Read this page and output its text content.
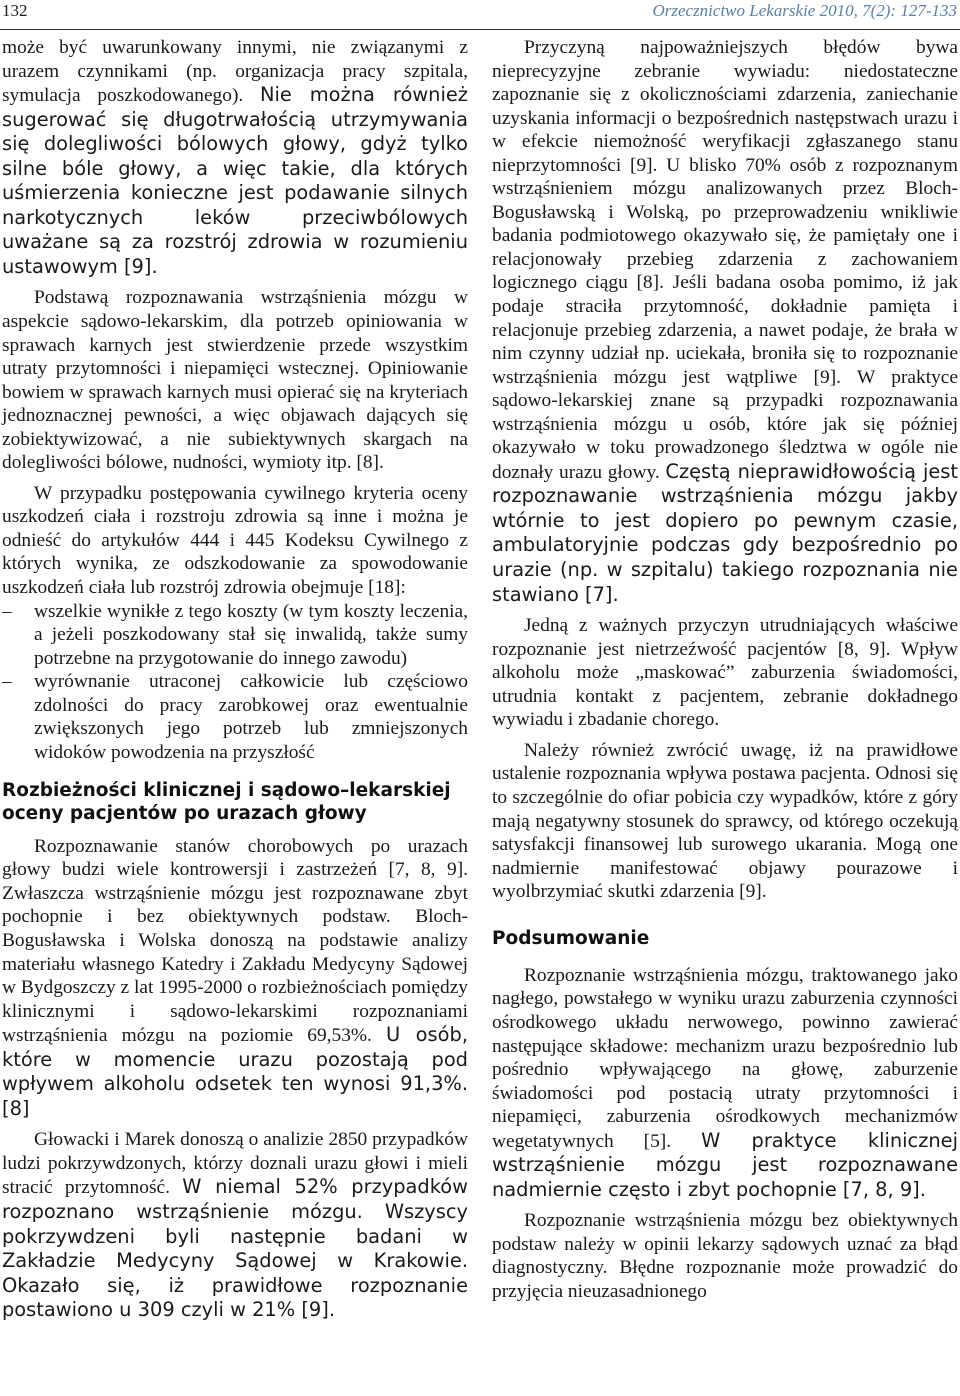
132	Orzecznictwo Lekarskie 2010, 7(2): 127-133

może być uwarunkowany innymi, nie związanymi z urazem czynnikami (np. organizacja pracy szpitala, symulacja poszkodowanego). Nie można również sugerować się długotrwałością utrzymywania się dolegliwości bólowych głowy, gdyż tylko silne bóle głowy, a więc takie, dla których uśmierzenia konieczne jest podawanie silnych narkotycznych leków przeciwbólowych uważane są za rozstrój zdrowia w rozumieniu ustawowym [9].

Podstawą rozpoznawania wstrząśnienia mózgu w aspekcie sądowo-lekarskim, dla potrzeb opiniowania w sprawach karnych jest stwierdzenie przede wszystkim utraty przytomności i niepamięci wstecznej. Opiniowanie bowiem w sprawach karnych musi opierać się na kryteriach jednoznacznej pewności, a więc objawach dających się zobiektywizować, a nie subiektywnych skargach na dolegliwości bólowe, nudności, wymioty itp. [8].

W przypadku postępowania cywilnego kryteria oceny uszkodzeń ciała i rozstroju zdrowia są inne i można je odnieść do artykułów 444 i 445 Kodeksu Cywilnego z których wynika, ze odszkodowanie za spowodowanie uszkodzeń ciała lub rozstrój zdrowia obejmuje [18]:

– wszelkie wynikłe z tego koszty (w tym koszty leczenia, a jeżeli poszkodowany stał się inwalidą, także sumy potrzebne na przygotowanie do innego zawodu)
– wyrównanie utraconej całkowicie lub częściowo zdolności do pracy zarobkowej oraz ewentualnie zwiększonych jego potrzeb lub zmniejszonych widoków powodzenia na przyszłość
Rozbieżności klinicznej i sądowo–lekarskiej oceny pacjentów po urazach głowy

Rozpoznawanie stanów chorobowych po urazach głowy budzi wiele kontrowersji i zastrzeżeń [7, 8, 9]. Zwłaszcza wstrząśnienie mózgu jest rozpoznawane zbyt pochopnie i bez obiektywnych podstaw. Bloch-Bogusławska i Wolska donoszą na podstawie analizy materiału własnego Katedry i Zakładu Medycyny Sądowej w Bydgoszczy z lat 1995-2000 o rozbieżnościach pomiędzy klinicznymi i sądowo-lekarskimi rozpoznaniami wstrząśnienia mózgu na poziomie 69,53%. U osób, które w momencie urazu pozostają pod wpływem alkoholu odsetek ten wynosi 91,3%. [8]

Głowacki i Marek donoszą o analizie 2850 przypadków ludzi pokrzywdzonych, którzy doznali urazu głowi i mieli stracić przytomność. W niemal 52% przypadków rozpoznano wstrząśnienie mózgu. Wszyscy pokrzywdzeni byli następnie badani w Zakładzie Medycyny Sądowej w Krakowie. Okazało się, iż prawidłowe rozpoznanie postawiono u 309 czyli w 21% [9].

Przyczyną najpoważniejszych błędów bywa nieprecyzyjne zebranie wywiadu: niedostateczne zapoznanie się z okolicznościami zdarzenia, zaniechanie uzyskania informacji o bezpośrednich następstwach urazu i w efekcie niemożność weryfikacji zgłaszanego stanu nieprzytomności [9]. U blisko 70% osób z rozpoznanym wstrząśnieniem mózgu analizowanych przez Bloch-Bogusławską i Wolską, po przeprowadzeniu wnikliwie badania podmiotowego okazywało się, że pamiętały one i relacjonowały przebieg zdarzenia z zachowaniem logicznego ciągu [8]. Jeśli badana osoba pomimo, iż jak podaje straciła przytomność, dokładnie pamięta i relacjonuje przebieg zdarzenia, a nawet podaje, że brała w nim czynny udział np. uciekała, broniła się to rozpoznanie wstrząśnienia mózgu jest wątpliwe [9]. W praktyce sądowo-lekarskiej znane są przypadki rozpoznawania wstrząśnienia mózgu u osób, które jak się później okazywało w toku prowadzonego śledztwa w ogóle nie doznały urazu głowy. Częstą nieprawidłowością jest rozpoznawanie wstrząśnienia mózgu jakby wtórnie to jest dopiero po pewnym czasie, ambulatoryjnie podczas gdy bezpośrednio po urazie (np. w szpitalu) takiego rozpoznania nie stawiano [7].

Jedną z ważnych przyczyn utrudniających właściwe rozpoznanie jest nietrzeźwość pacjentów [8, 9]. Wpływ alkoholu może „maskować” zaburzenia świadomości, utrudnia kontakt z pacjentem, zebranie dokładnego wywiadu i zbadanie chorego.

Należy również zwrócić uwagę, iż na prawidłowe ustalenie rozpoznania wpływa postawa pacjenta. Odnosi się to szczególnie do ofiar pobicia czy wypadków, które z góry mają negatywny stosunek do sprawcy, od którego oczekują satysfakcji finansowej lub surowego ukarania. Mogą one nadmiernie manifestować objawy pourazowe i wyolbrzymiać skutki zdarzenia [9].

Podsumowanie

Rozpoznanie wstrząśnienia mózgu, traktowanego jako nagłego, powstałego w wyniku urazu zaburzenia czynności ośrodkowego układu nerwowego, powinno zawierać następujące składowe: mechanizm urazu bezpośrednio lub pośrednio wpływającego na głowę, zaburzenie świadomości pod postacią utraty przytomności i niepamięci, zaburzenia ośrodkowych mechanizmów wegetatywnych [5]. W praktyce klinicznej wstrząśnienie mózgu jest rozpoznawane nadmiernie często i zbyt pochopnie [7, 8, 9].

Rozpoznanie wstrząśnienia mózgu bez obiektywnych podstaw należy w opinii lekarzy sądowych uznać za błąd diagnostyczny. Błędne rozpoznanie może prowadzić do przyjęcia nieuzasadnionego
